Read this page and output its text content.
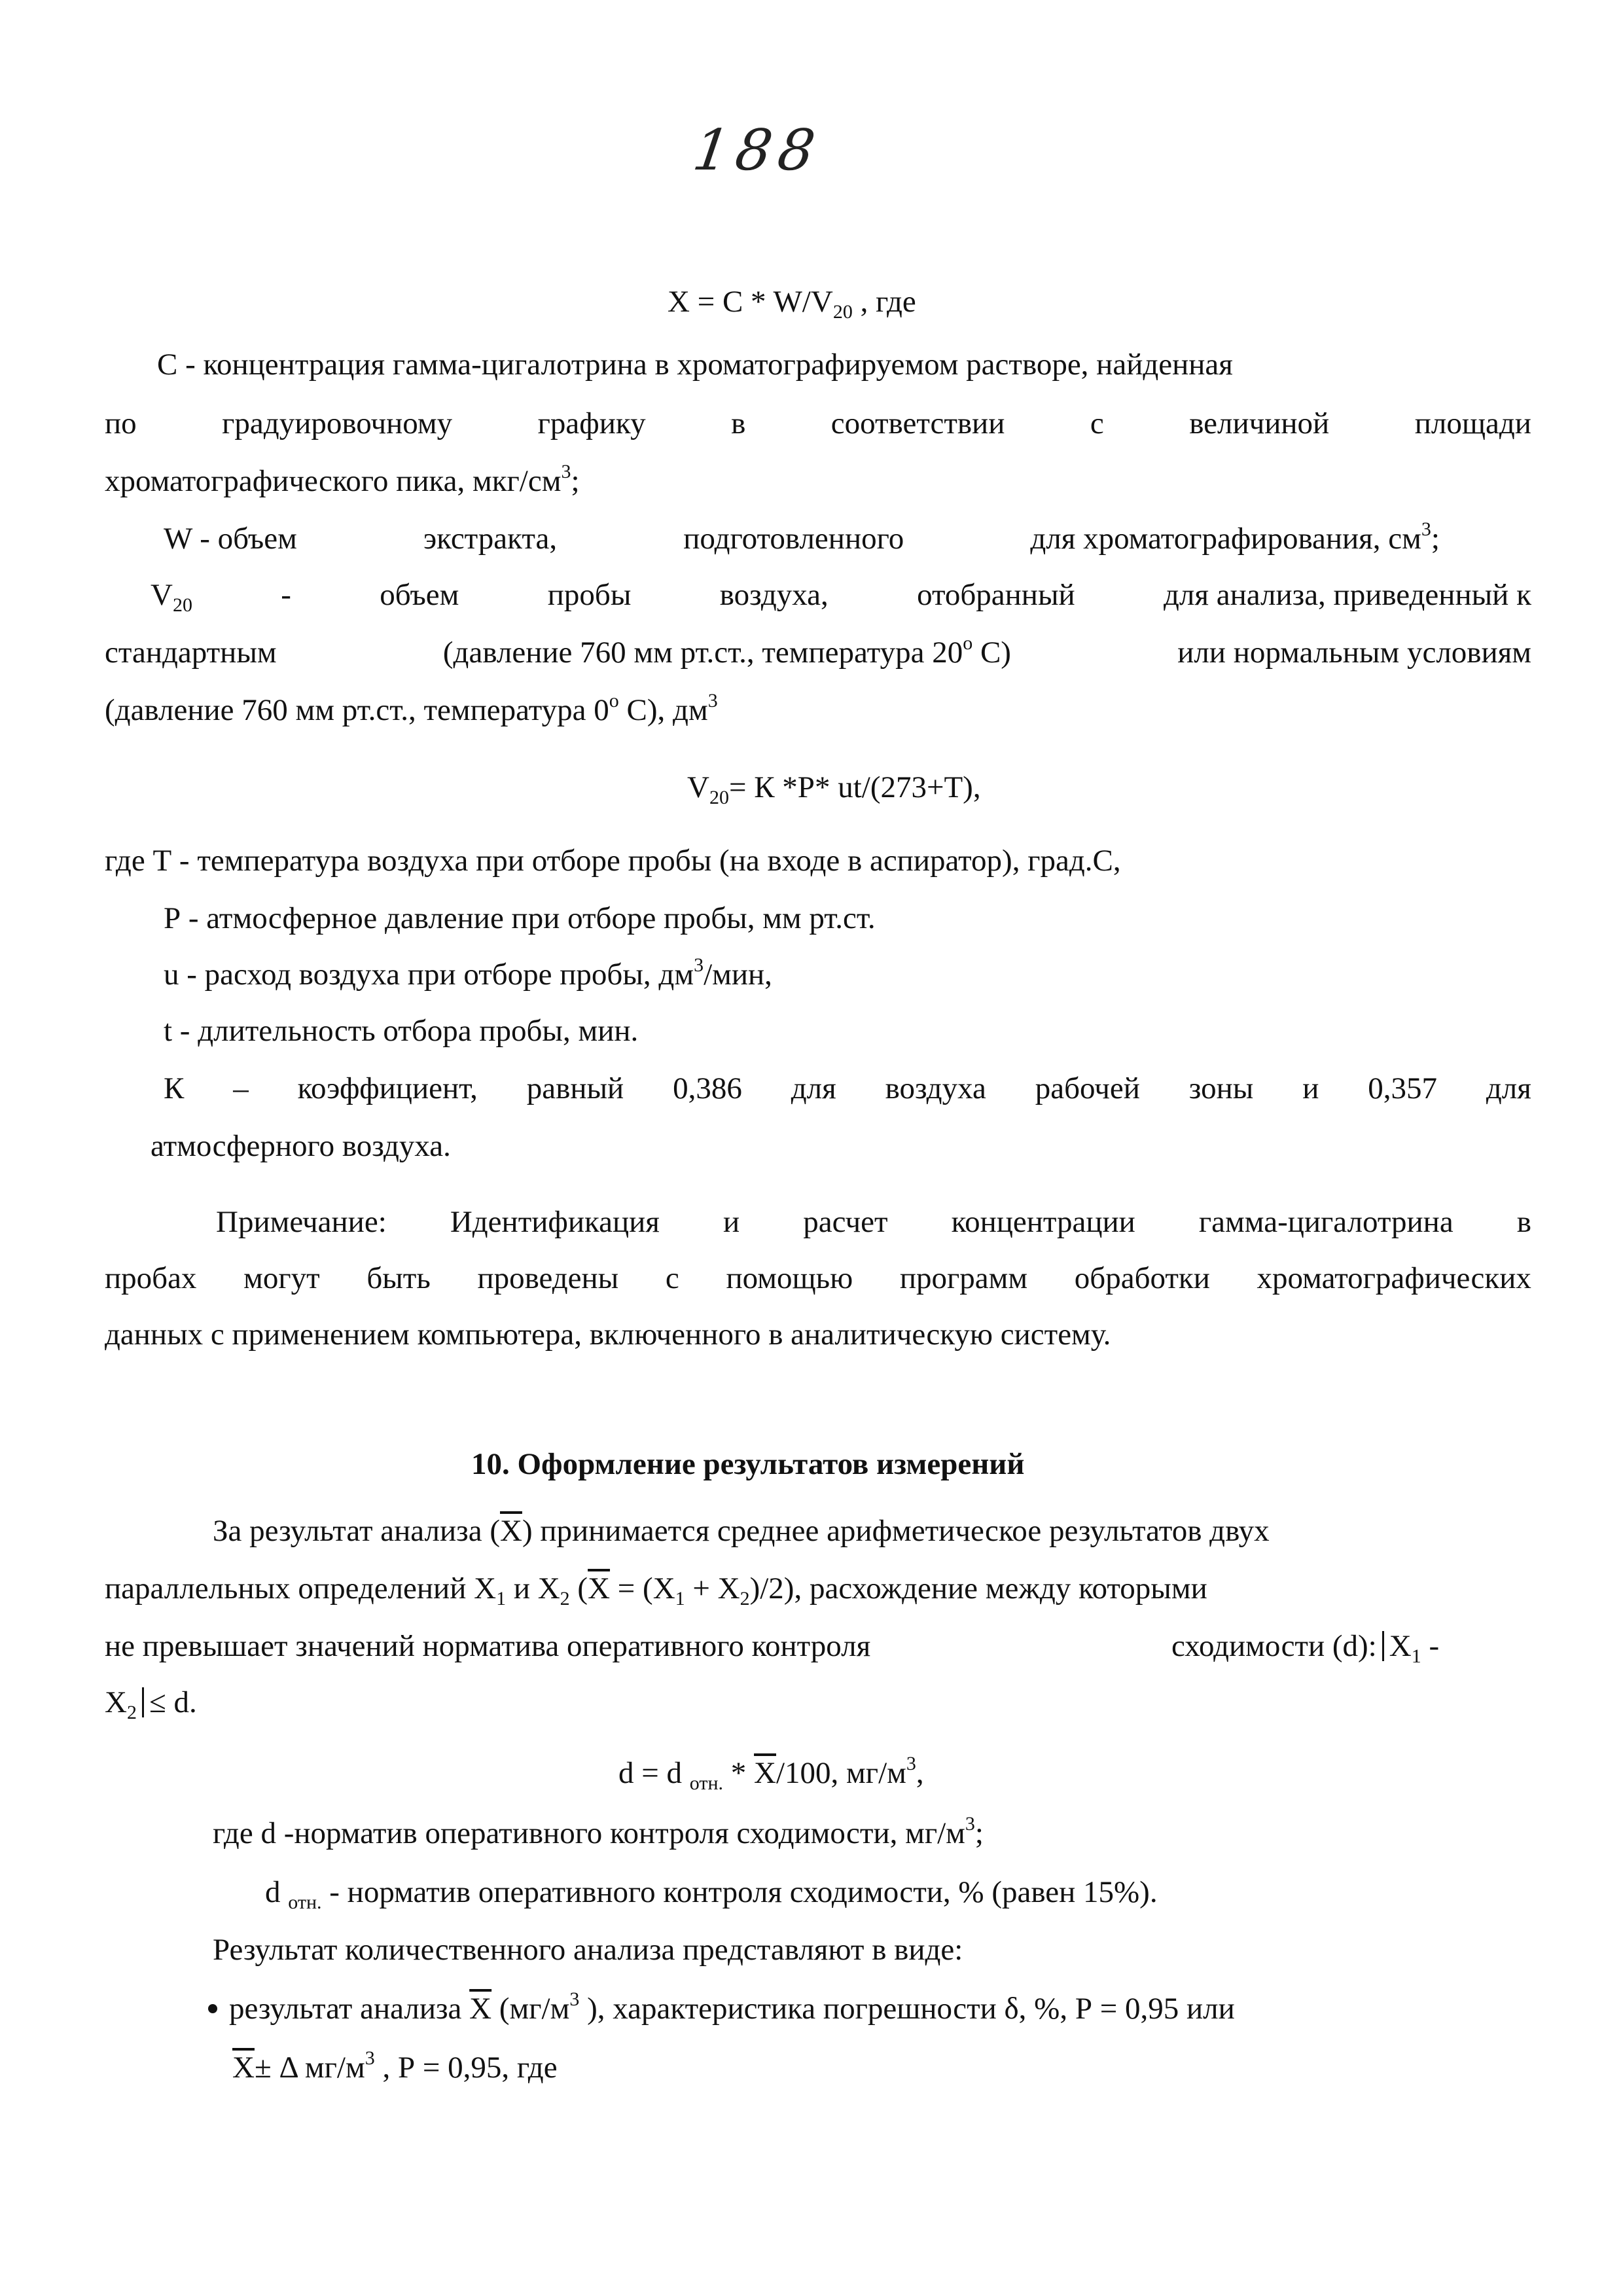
188
$X = C * W/V_{20}$ , где
С - концентрация гамма-цигалотрина в хроматографируемом растворе, найденная
по	градуировочному	графику	в	соответствии	с	величиной	площади
хроматографического пика, мкг/$см^3$;
W - объем	экстракта,	подготовленного	для хроматографирования, $см^3$;
$V_{20}$	-	объем	пробы	воздуха,	отобранный	для анализа, приведенный к
стандартным	(давление 760 мм рт.ст., температура 20$^o$ С)	или нормальным условиям
(давление 760 мм рт.ст., температура 0$^o$ С), $дм^3$
$V_{20}= К$ *Р* ut/(273+Т),
где Т - температура воздуха при отборе пробы (на входе в аспиратор), град.С,
Р - атмосферное давление при отборе пробы, мм рт.ст.
u - расход воздуха при отборе пробы, $дм^3$/мин,
t - длительность отбора пробы, мин.
К – коэффициент, равный 0,386 для воздуха рабочей зоны и 0,357 для
атмосферного воздуха.
Примечание: Идентификация и расчет концентрации гамма-цигалотрина в
пробах могут быть проведены с помощью программ обработки хроматографических
данных с применением компьютера, включенного в аналитическую систему.
10. Оформление результатов измерений
За результат анализа $(\overline{X})$ принимается среднее арифметическое результатов двух
параллельных определений $X_1$ и $X_2$ $(\overline{X} = (X_1 + X_2)/2)$, расхождение между которыми
не превышает значений норматива оперативного контроля	сходимости (d): $X_1$ -
$X_2 \le d$.
d = d $_{отн.} * \overline{X}/100$, $мг/м^3$,
где d -норматив оперативного контроля сходимости, $мг/м^3$;
d $_{отн.}$ - норматив оперативного контроля сходимости, % (равен 15%).
Результат количественного анализа представляют в виде:
результат анализа $\overline{X}$ ($мг/м^3$ ), характеристика погрешности δ, %, Р = 0,95 или
$\overline{X}\pm \Delta$ $мг/м^3$ , Р = 0,95, где
